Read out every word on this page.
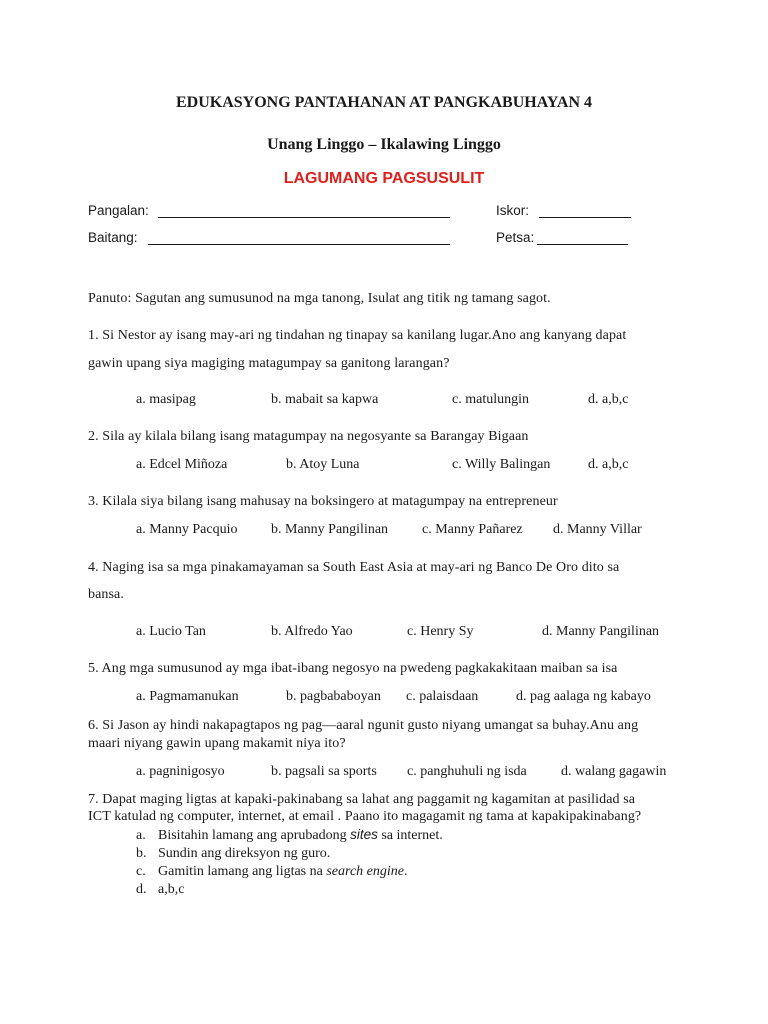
EDUKASYONG PANTAHANAN AT PANGKABUHAYAN 4
Unang Linggo – Ikalawing Linggo
LAGUMANG PAGSUSULIT
Pangalan:	Iskor:
Baitang:	Petsa:
Panuto: Sagutan ang sumusunod na mga tanong, Isulat ang titik ng tamang sagot.
1. Si Nestor ay isang may-ari ng tindahan ng tinapay sa kanilang lugar.Ano ang kanyang dapat
gawin upang siya magiging matagumpay sa ganitong larangan?
a. masipag	b. mabait sa kapwa	c. matulungin	d. a,b,c
2. Sila ay kilala bilang isang matagumpay na negosyante sa Barangay Bigaan
a. Edcel Miñoza	b. Atoy Luna	c. Willy Balingan	d. a,b,c
3. Kilala siya bilang isang mahusay na boksingero at matagumpay na entrepreneur
a. Manny Pacquio b. Manny Pangilinan c. Manny Pañarez d. Manny Villar
4. Naging isa sa mga pinakamayaman sa South East Asia at may-ari ng Banco De Oro dito sa
bansa.
a. Lucio Tan	b. Alfredo Yao	c. Henry Sy	d. Manny Pangilinan
5. Ang mga sumusunod ay mga ibat-ibang negosyo na pwedeng pagkakakitaan maiban sa isa
a. Pagmamanukan	b. pagbababoyan c. palaisdaan	d. pag aalaga ng kabayo
6. Si Jason ay hindi nakapagtapos ng pag—aaral ngunit gusto niyang umangat sa buhay.Anu ang
maari niyang gawin upang makamit niya ito?
a. pagninigosyo	b. pagsali sa sports c. panghuhuli ng isda d. walang gagawin
7. Dapat maging ligtas at kapaki-pakinabang sa lahat ang paggamit ng kagamitan at pasilidad sa
ICT katulad ng computer, internet, at email . Paano ito magagamit ng tama at kapakipakinabang?
a. Bisitahin lamang ang aprubadong sites sa internet.
b. Sundin ang direksyon ng guro.
c. Gamitin lamang ang ligtas na search engine.
d. a,b,c
